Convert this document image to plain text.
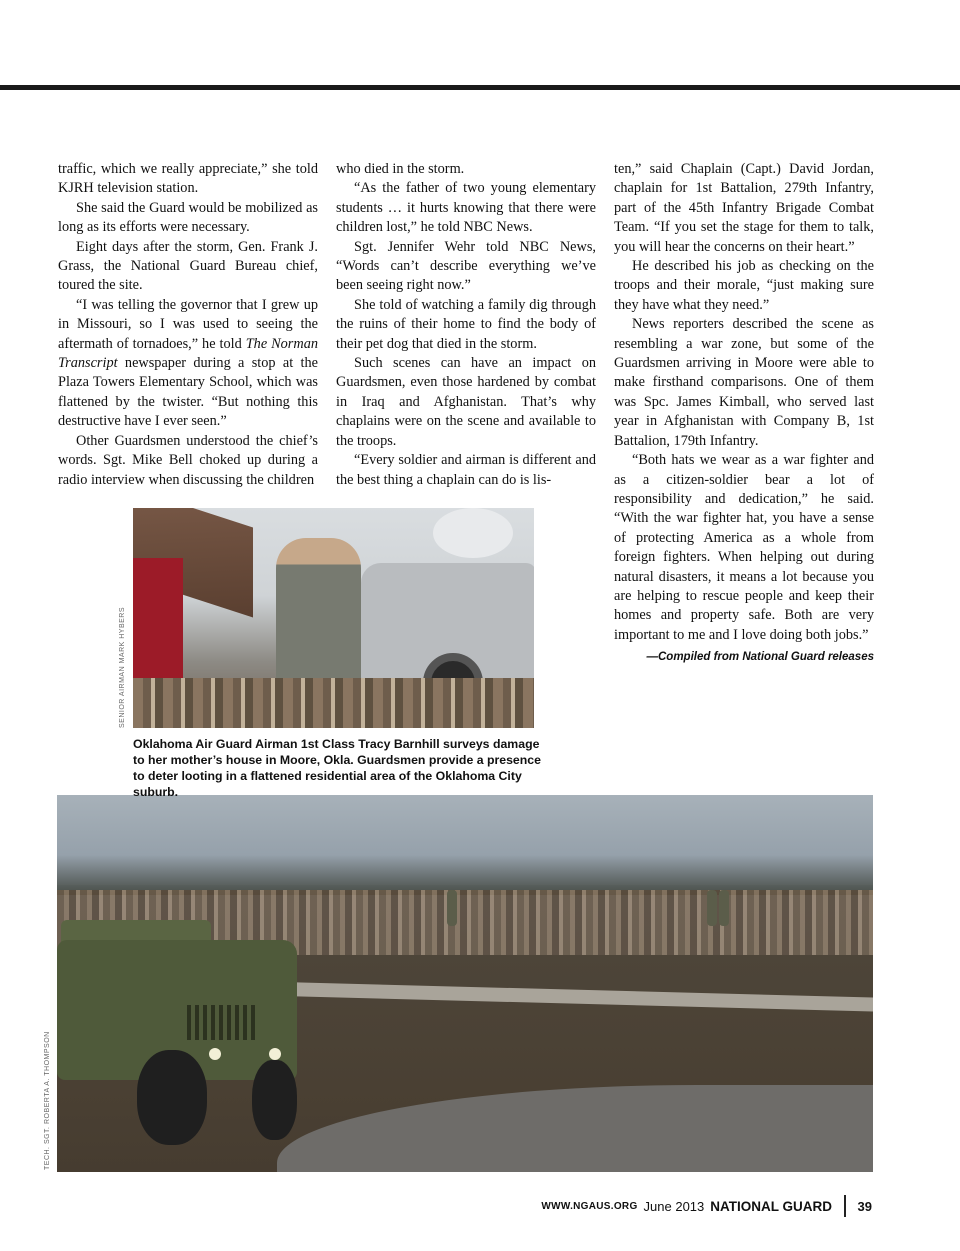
traffic, which we really appreciate,” she told KJRH television station.

She said the Guard would be mobilized as long as its efforts were necessary.

Eight days after the storm, Gen. Frank J. Grass, the National Guard Bureau chief, toured the site.

“I was telling the governor that I grew up in Missouri, so I was used to seeing the aftermath of tornadoes,” he told The Norman Transcript newspaper during a stop at the Plaza Towers Elementary School, which was flattened by the twister. “But nothing this destructive have I ever seen.”

Other Guardsmen understood the chief’s words. Sgt. Mike Bell choked up during a radio interview when discussing the children

who died in the storm.

“As the father of two young elementary students … it hurts knowing that there were children lost,” he told NBC News.

Sgt. Jennifer Wehr told NBC News, “Words can’t describe everything we’ve been seeing right now.”

She told of watching a family dig through the ruins of their home to find the body of their pet dog that died in the storm.

Such scenes can have an impact on Guardsmen, even those hardened by combat in Iraq and Afghanistan. That’s why chaplains were on the scene and available to the troops.

“Every soldier and airman is different and the best thing a chaplain can do is lis-

ten,” said Chaplain (Capt.) David Jordan, chaplain for 1st Battalion, 279th Infantry, part of the 45th Infantry Brigade Combat Team. “If you set the stage for them to talk, you will hear the concerns on their heart.”

He described his job as checking on the troops and their morale, “just making sure they have what they need.”

News reporters described the scene as resembling a war zone, but some of the Guardsmen arriving in Moore were able to make firsthand comparisons. One of them was Spc. James Kimball, who served last year in Afghanistan with Company B, 1st Battalion, 179th Infantry.

“Both hats we wear as a war fighter and as a citizen-soldier bear a lot of responsibility and dedication,” he said. “With the war fighter hat, you have a sense of protecting America as a whole from foreign fighters. When helping out during natural disasters, it means a lot because you are helping to rescue people and keep their homes and property safe. Both are very important to me and I love doing both jobs.”

—Compiled from National Guard releases

Oklahoma Air Guard Airman 1st Class Tracy Barnhill surveys damage to her mother’s house in Moore, Okla. Guardsmen provide a presence to deter looting in a flattened residential area of the Oklahoma City suburb.
SENIOR AIRMAN MARK HYBERS
TECH. SGT. ROBERTA A. THOMPSON
WWW.NGAUS.ORG June 2013 NATIONAL GUARD 39
